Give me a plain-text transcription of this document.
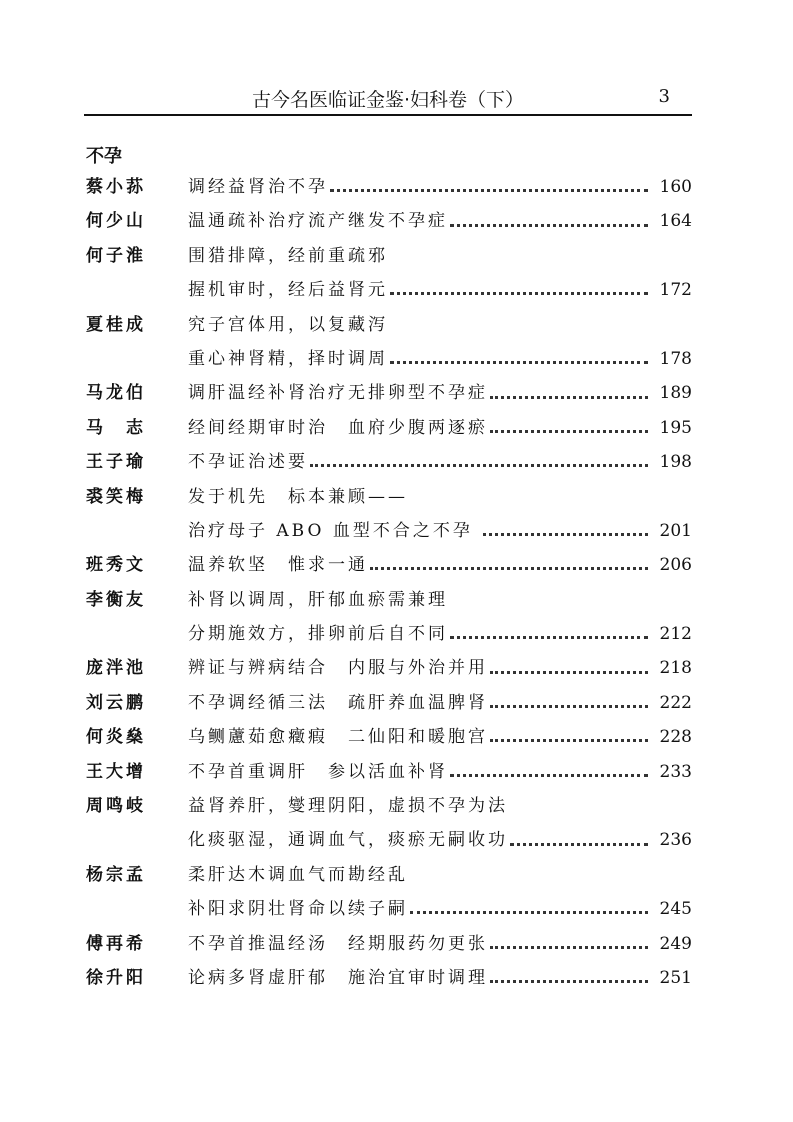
古今名医临证金鉴·妇科卷（下）	3
不孕
蔡小荪	调经益肾治不孕	160
何少山	温通疏补治疗流产继发不孕症	164
何子淮	围猎排障，经前重疏邪
握机审时，经后益肾元	172
夏桂成	究子宫体用，以复藏泻
重心神肾精，择时调周	178
马龙伯	调肝温经补肾治疗无排卵型不孕症	189
马　志	经间经期审时治　血府少腹两逐瘀	195
王子瑜	不孕证治述要	198
裘笑梅	发于机先　标本兼顾——
治疗母子 ABO 血型不合之不孕	201
班秀文	温养软坚　惟求一通	206
李衡友	补肾以调周，肝郁血瘀需兼理
分期施效方，排卵前后自不同	212
庞泮池	辨证与辨病结合　内服与外治并用	218
刘云鹏	不孕调经循三法　疏肝养血温脾肾	222
何炎燊	乌鲗藘茹愈癥瘕　二仙阳和暖胞宫	228
王大增	不孕首重调肝　参以活血补肾	233
周鸣岐	益肾养肝，燮理阴阳，虚损不孕为法
化痰驱湿，通调血气，痰瘀无嗣收功	236
杨宗孟	柔肝达木调血气而勘经乱
补阳求阴壮肾命以续子嗣	245
傅再希	不孕首推温经汤　经期服药勿更张	249
徐升阳	论病多肾虚肝郁　施治宜审时调理	251
